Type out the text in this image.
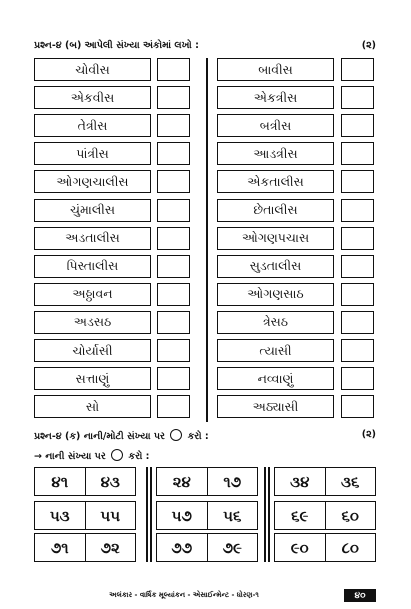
પ્રશ્ન-૪ (બ) આપેલી સંખ્યા અંકોમાં લખો :	(૨)
ચોવીસ
એકવીસ
તેત્રીસ
પાંત્રીસ
ઓગણચાલીસ
ચુંમાલીસ
અડતાલીસ
પિસ્તાલીસ
અઠ્ઠાવન
અડસઠ
ચોર્યાસી
સત્તાણું
સો
બાવીસ
એકત્રીસ
બત્રીસ
આડત્રીસ
એકતાલીસ
છેતાલીસ
ઓગણપચાસ
સુડતાલીસ
ઓગણસાઠ
ત્રેસઠ
ત્યાસી
નવ્વાણું
અઠ્યાસી
પ્રશ્ન-૪ (ક) નાની/મોટી સંખ્યા પર કરો :	(૨)
→ નાની સંખ્યા પર કરો :
૪૧	૪૩	૨૪	૧૭	૩૪	૩૬
૫૩	૫૫	૫૭	૫૬	૬૯	૬૦
૭૧	૭૨	૭૭	૭૯	૯૦	૮૦
અલંકાર - વાર્ષિક મૂલ્યાંકન - એસાઈન્મેન્ટ - ધોરણ-૧	૪૦
